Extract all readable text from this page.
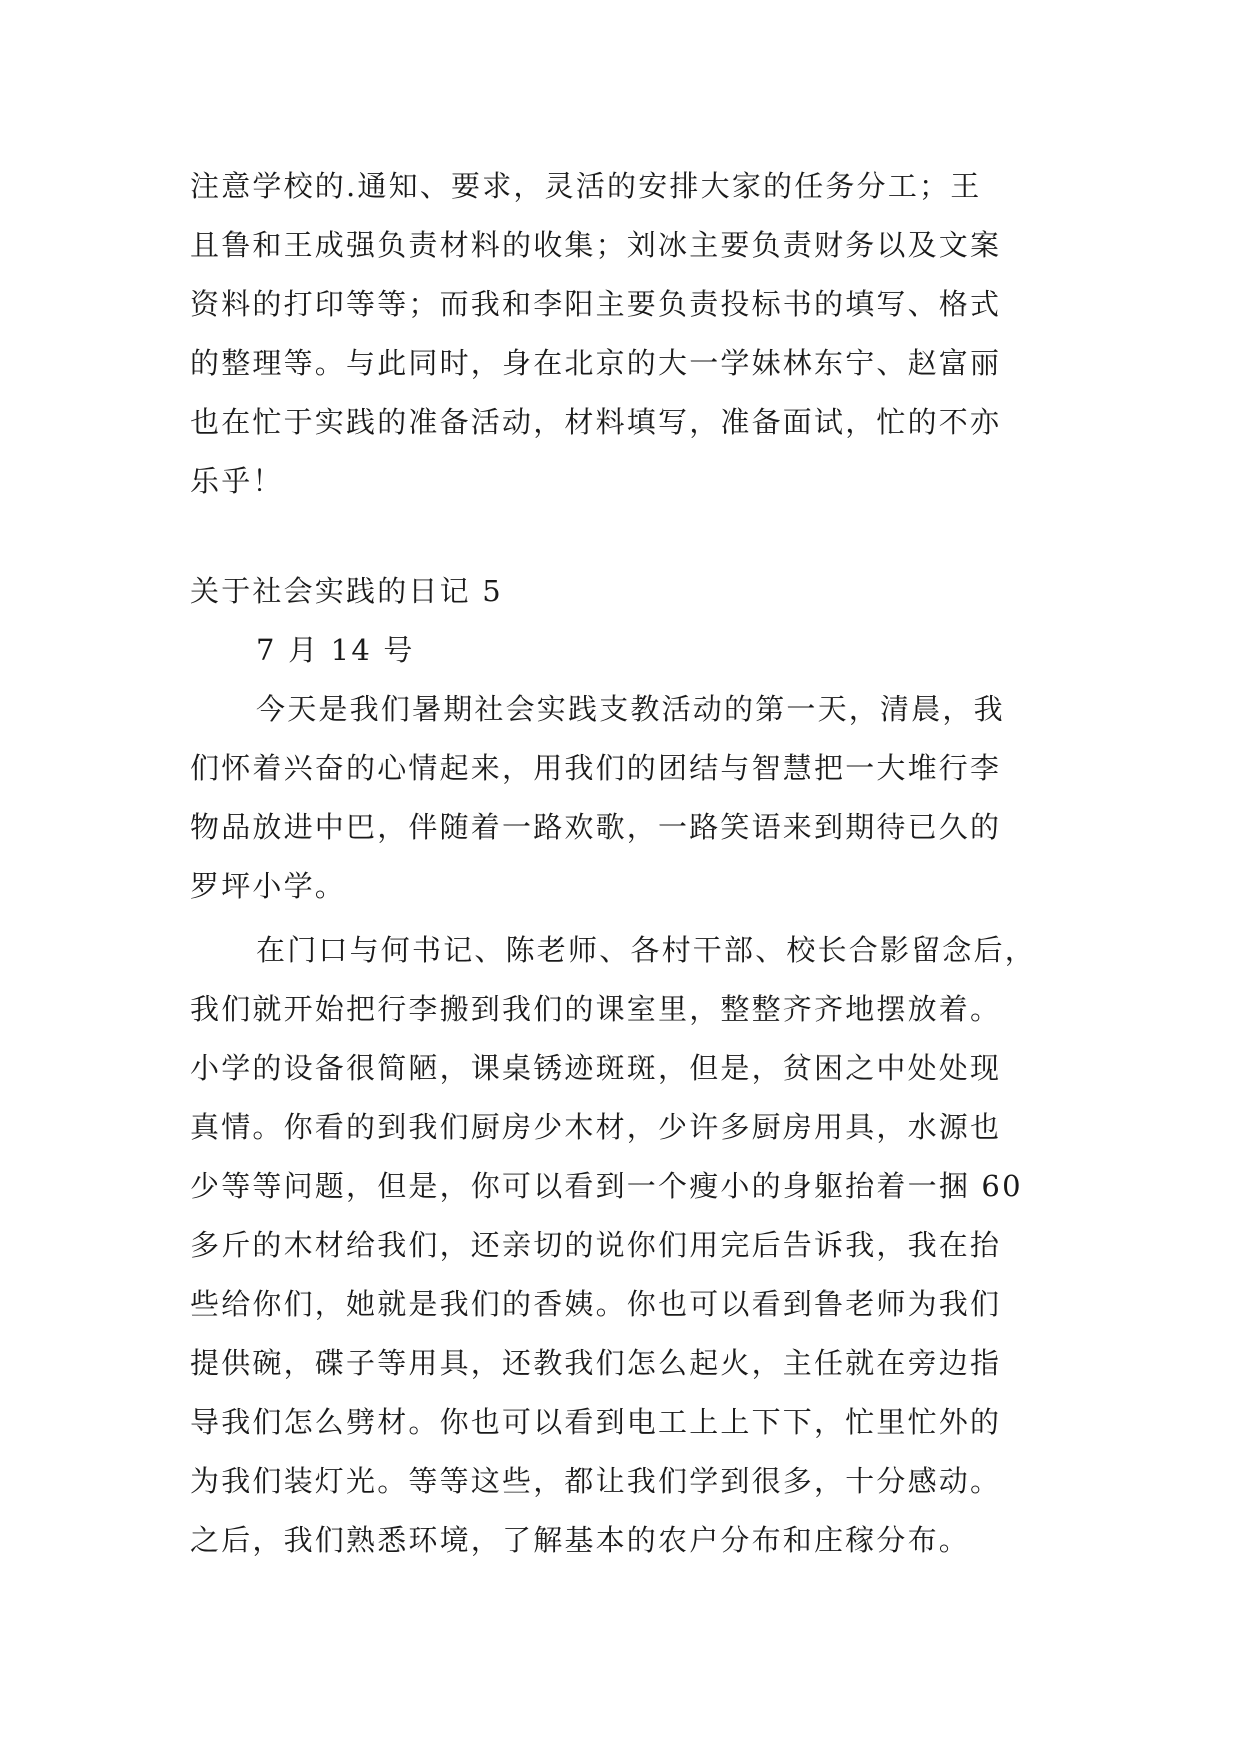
注意学校的.通知、要求，灵活的安排大家的任务分工；王
且鲁和王成强负责材料的收集；刘冰主要负责财务以及文案
资料的打印等等；而我和李阳主要负责投标书的填写、格式
的整理等。与此同时，身在北京的大一学妹林东宁、赵富丽
也在忙于实践的准备活动，材料填写，准备面试，忙的不亦
乐乎！
关于社会实践的日记 5
7 月 14 号
今天是我们暑期社会实践支教活动的第一天，清晨，我
们怀着兴奋的心情起来，用我们的团结与智慧把一大堆行李
物品放进中巴，伴随着一路欢歌，一路笑语来到期待已久的
罗坪小学。
在门口与何书记、陈老师、各村干部、校长合影留念后，
我们就开始把行李搬到我们的课室里，整整齐齐地摆放着。
小学的设备很简陋，课桌锈迹斑斑，但是，贫困之中处处现
真情。你看的到我们厨房少木材，少许多厨房用具，水源也
少等等问题，但是，你可以看到一个瘦小的身躯抬着一捆 60
多斤的木材给我们，还亲切的说你们用完后告诉我，我在抬
些给你们，她就是我们的香姨。你也可以看到鲁老师为我们
提供碗，碟子等用具，还教我们怎么起火，主任就在旁边指
导我们怎么劈材。你也可以看到电工上上下下，忙里忙外的
为我们装灯光。等等这些，都让我们学到很多，十分感动。
之后，我们熟悉环境，了解基本的农户分布和庄稼分布。
